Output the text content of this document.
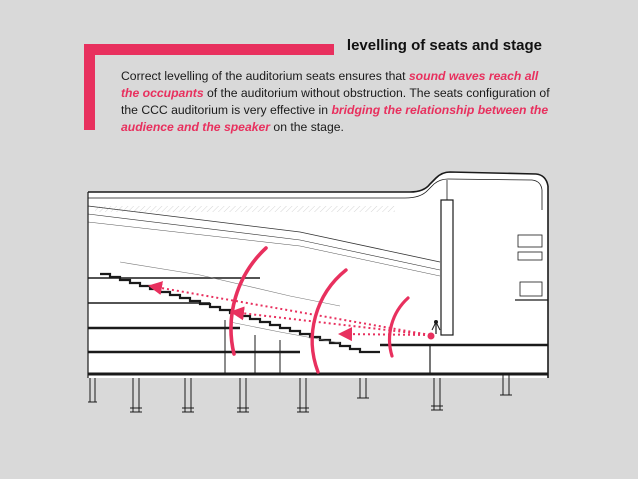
levelling of seats and stage
Correct levelling of the auditorium seats ensures that sound waves reach all the occupants of the auditorium without obstruction. The seats configuration of the CCC auditorium is very effective in bridging the relationship between the audience and the speaker on the stage.
